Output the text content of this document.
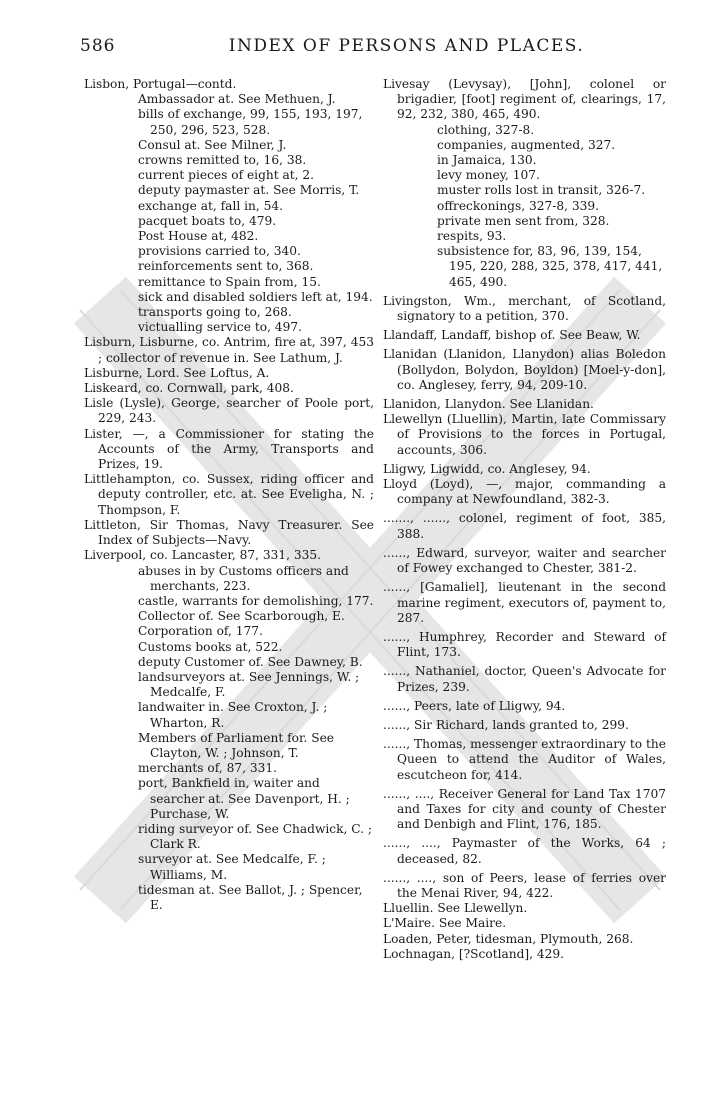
586	INDEX OF PERSONS AND PLACES.
Lisbon, Portugal—contd.
Ambassador at. See Methuen, J.
bills of exchange, 99, 155, 193, 197, 250, 296, 523, 528.
Consul at. See Milner, J.
crowns remitted to, 16, 38.
current pieces of eight at, 2.
deputy paymaster at. See Morris, T.
exchange at, fall in, 54.
pacquet boats to, 479.
Post House at, 482.
provisions carried to, 340.
reinforcements sent to, 368.
remittance to Spain from, 15.
sick and disabled soldiers left at, 194.
transports going to, 268.
victualling service to, 497.
Lisburn, Lisburne, co. Antrim, fire at, 397, 453 ; collector of revenue in. See Lathum, J.
Lisburne, Lord. See Loftus, A.
Liskeard, co. Cornwall, park, 408.
Lisle (Lysle), George, searcher of Poole port, 229, 243.
Lister, —, a Commissioner for stating the Accounts of the Army, Transports and Prizes, 19.
Littlehampton, co. Sussex, riding officer and deputy controller, etc. at. See Eveligha, N. ; Thompson, F.
Littleton, Sir Thomas, Navy Treasurer. See Index of Subjects—Navy.
Liverpool, co. Lancaster, 87, 331, 335.
abuses in by Customs officers and merchants, 223.
castle, warrants for demolishing, 177.
Collector of. See Scarborough, E.
Corporation of, 177.
Customs books at, 522.
deputy Customer of. See Dawney, B.
landsurveyors at. See Jennings, W. ; Medcalfe, F.
landwaiter in. See Croxton, J. ; Wharton, R.
Members of Parliament for. See Clayton, W. ; Johnson, T.
merchants of, 87, 331.
port, Bankfield in, waiter and searcher at. See Davenport, H. ; Purchase, W.
riding surveyor of. See Chadwick, C. ; Clark R.
surveyor at. See Medcalfe, F. ; Williams, M.
tidesman at. See Ballot, J. ; Spencer, E.
Livesay (Levysay), [John], colonel or brigadier, [foot] regiment of, clearings, 17, 92, 232, 380, 465, 490.
clothing, 327-8.
companies, augmented, 327.
in Jamaica, 130.
levy money, 107.
muster rolls lost in transit, 326-7.
offreckonings, 327-8, 339.
private men sent from, 328.
respits, 93.
subsistence for, 83, 96, 139, 154, 195, 220, 288, 325, 378, 417, 441, 465, 490.
Livingston, Wm., merchant, of Scotland, signatory to a petition, 370.
Llandaff, Landaff, bishop of. See Beaw, W.
Llanidan (Llanidon, Llanydon) alias Boledon (Bollydon, Bolydon, Boyldon) [Moel-y-don], co. Anglesey, ferry, 94, 209-10.
Llanidon, Llanydon. See Llanidan.
Llewellyn (Lluellin), Martin, late Commissary of Provisions to the forces in Portugal, accounts, 306.
Lligwy, Ligwidd, co. Anglesey, 94.
Lloyd (Loyd), —, major, commanding a company at Newfoundland, 382-3.
......., ......, colonel, regiment of foot, 385, 388.
......, Edward, surveyor, waiter and searcher of Fowey exchanged to Chester, 381-2.
......, [Gamaliel], lieutenant in the second marine regiment, executors of, payment to, 287.
......, Humphrey, Recorder and Steward of Flint, 173.
......, Nathaniel, doctor, Queen's Advocate for Prizes, 239.
......, Peers, late of Lligwy, 94.
......, Sir Richard, lands granted to, 299.
......, Thomas, messenger extraordinary to the Queen to attend the Auditor of Wales, escutcheon for, 414.
......, ...., Receiver General for Land Tax 1707 and Taxes for city and county of Chester and Denbigh and Flint, 176, 185.
......, ...., Paymaster of the Works, 64 ; deceased, 82.
......, ...., son of Peers, lease of ferries over the Menai River, 94, 422.
Lluellin. See Llewellyn.
L'Maire. See Maire.
Loaden, Peter, tidesman, Plymouth, 268.
Lochnagan, [?Scotland], 429.
